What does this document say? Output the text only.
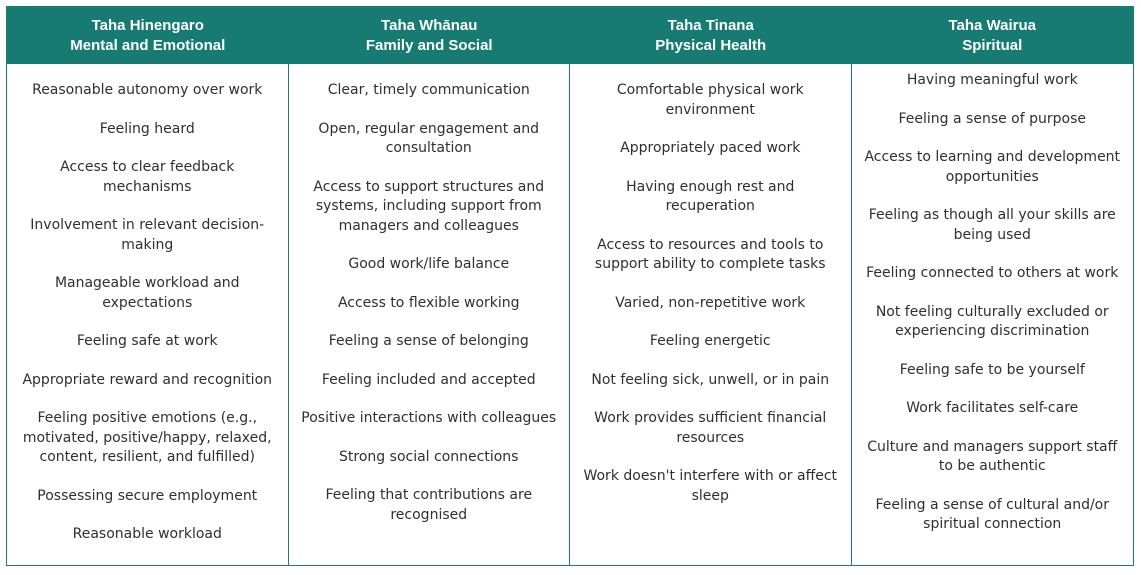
Taha Hinengaro
Mental and Emotional
Taha Whānau
Family and Social
Taha Tinana
Physical Health
Taha Wairua
Spiritual
Reasonable autonomy over work
Feeling heard
Access to clear feedback mechanisms
Involvement in relevant decision-making
Manageable workload and expectations
Feeling safe at work
Appropriate reward and recognition
Feeling positive emotions (e.g., motivated, positive/happy, relaxed, content, resilient, and fulfilled)
Possessing secure employment
Reasonable workload
Clear, timely communication
Open, regular engagement and consultation
Access to support structures and systems, including support from managers and colleagues
Good work/life balance
Access to flexible working
Feeling a sense of belonging
Feeling included and accepted
Positive interactions with colleagues
Strong social connections
Feeling that contributions are recognised
Comfortable physical work environment
Appropriately paced work
Having enough rest and recuperation
Access to resources and tools to support ability to complete tasks
Varied, non-repetitive work
Feeling energetic
Not feeling sick, unwell, or in pain
Work provides sufficient financial resources
Work doesn't interfere with or affect sleep
Having meaningful work
Feeling a sense of purpose
Access to learning and development opportunities
Feeling as though all your skills are being used
Feeling connected to others at work
Not feeling culturally excluded or experiencing discrimination
Feeling safe to be yourself
Work facilitates self-care
Culture and managers support staff to be authentic
Feeling a sense of cultural and/or spiritual connection
